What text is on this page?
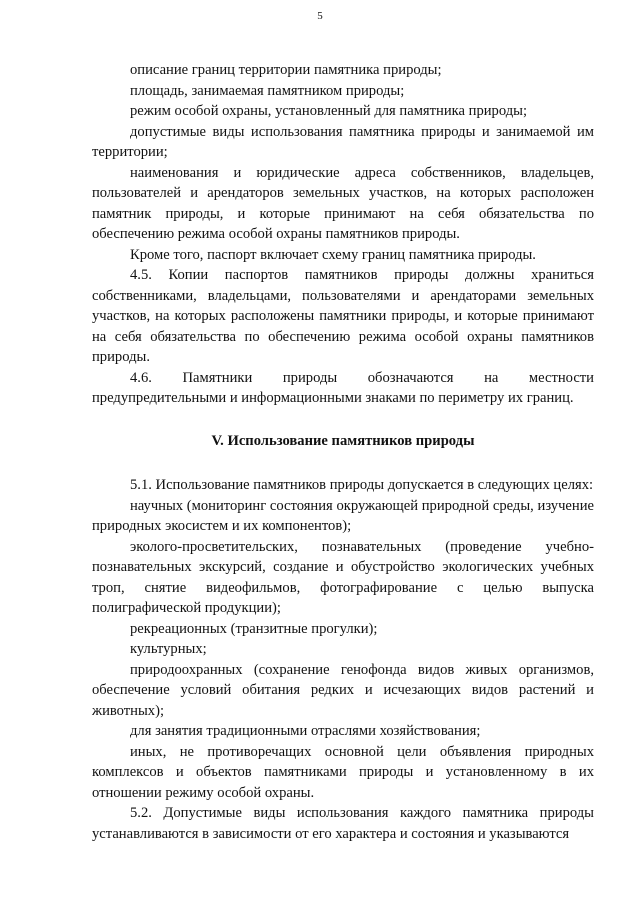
5

описание границ территории памятника природы;

площадь, занимаемая памятником природы;

режим особой охраны, установленный для памятника природы;

допустимые виды использования памятника природы и занимаемой им территории;

наименования и юридические адреса собственников, владельцев, пользователей и арендаторов земельных участков, на которых расположен памятник природы, и которые принимают на себя обязательства по обеспечению режима особой охраны памятников природы.

Кроме того, паспорт включает схему границ памятника природы.

4.5. Копии паспортов памятников природы должны храниться собственниками, владельцами, пользователями и арендаторами земельных участков, на которых расположены памятники природы, и которые принимают на себя обязательства по обеспечению режима особой охраны памятников природы.

4.6. Памятники природы обозначаются на местности предупредительными и информационными знаками по периметру их границ.

V. Использование памятников природы

5.1. Использование памятников природы допускается в следующих целях:

научных (мониторинг состояния окружающей природной среды, изучение природных экосистем и их компонентов);

эколого-просветительских, познавательных (проведение учебно-познавательных экскурсий, создание и обустройство экологических учебных троп, снятие видеофильмов, фотографирование с целью выпуска полиграфической продукции);

рекреационных (транзитные прогулки);

культурных;

природоохранных (сохранение генофонда видов живых организмов, обеспечение условий обитания редких и исчезающих видов растений и животных);

для занятия традиционными отраслями хозяйствования;

иных, не противоречащих основной цели объявления природных комплексов и объектов памятниками природы и установленному в их отношении режиму особой охраны.

5.2. Допустимые виды использования каждого памятника природы устанавливаются в зависимости от его характера и состояния и указываются
